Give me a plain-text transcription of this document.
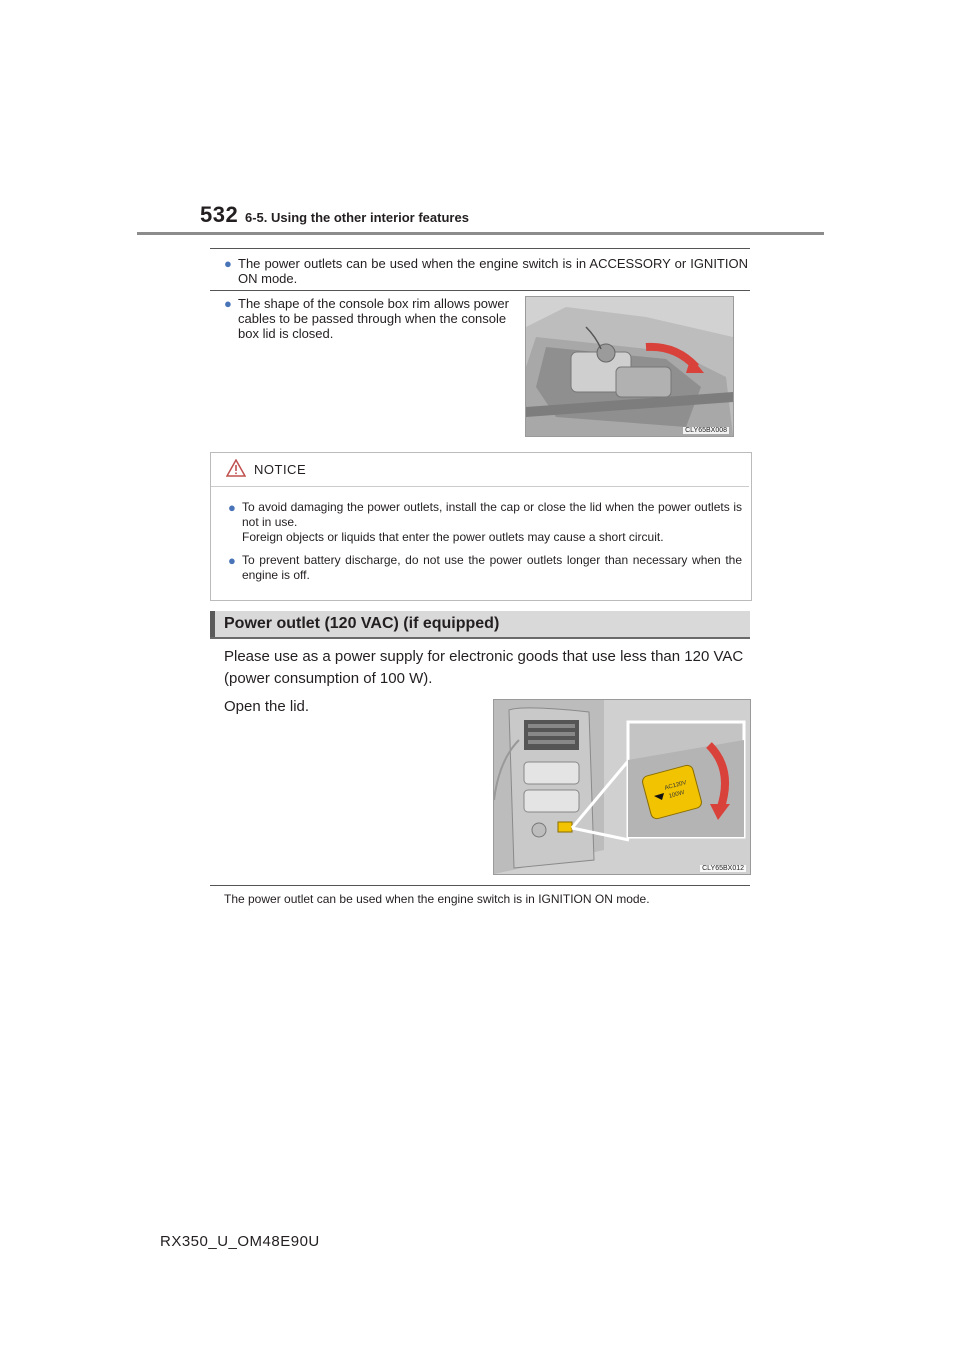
532 6-5. Using the other interior features
● The power outlets can be used when the engine switch is in ACCESSORY or IGNITION ON mode.
● The shape of the console box rim allows power cables to be passed through when the console box lid is closed.
CLY65BX008
NOTICE
● To avoid damaging the power outlets, install the cap or close the lid when the power outlets is not in use.
Foreign objects or liquids that enter the power outlets may cause a short circuit.
● To prevent battery discharge, do not use the power outlets longer than necessary when the engine is off.
Power outlet (120 VAC) (if equipped)
Please use as a power supply for electronic goods that use less than 120 VAC (power consumption of 100 W).
Open the lid.
AC120V
100W
CLY65BX012
The power outlet can be used when the engine switch is in IGNITION ON mode.
RX350_U_OM48E90U
